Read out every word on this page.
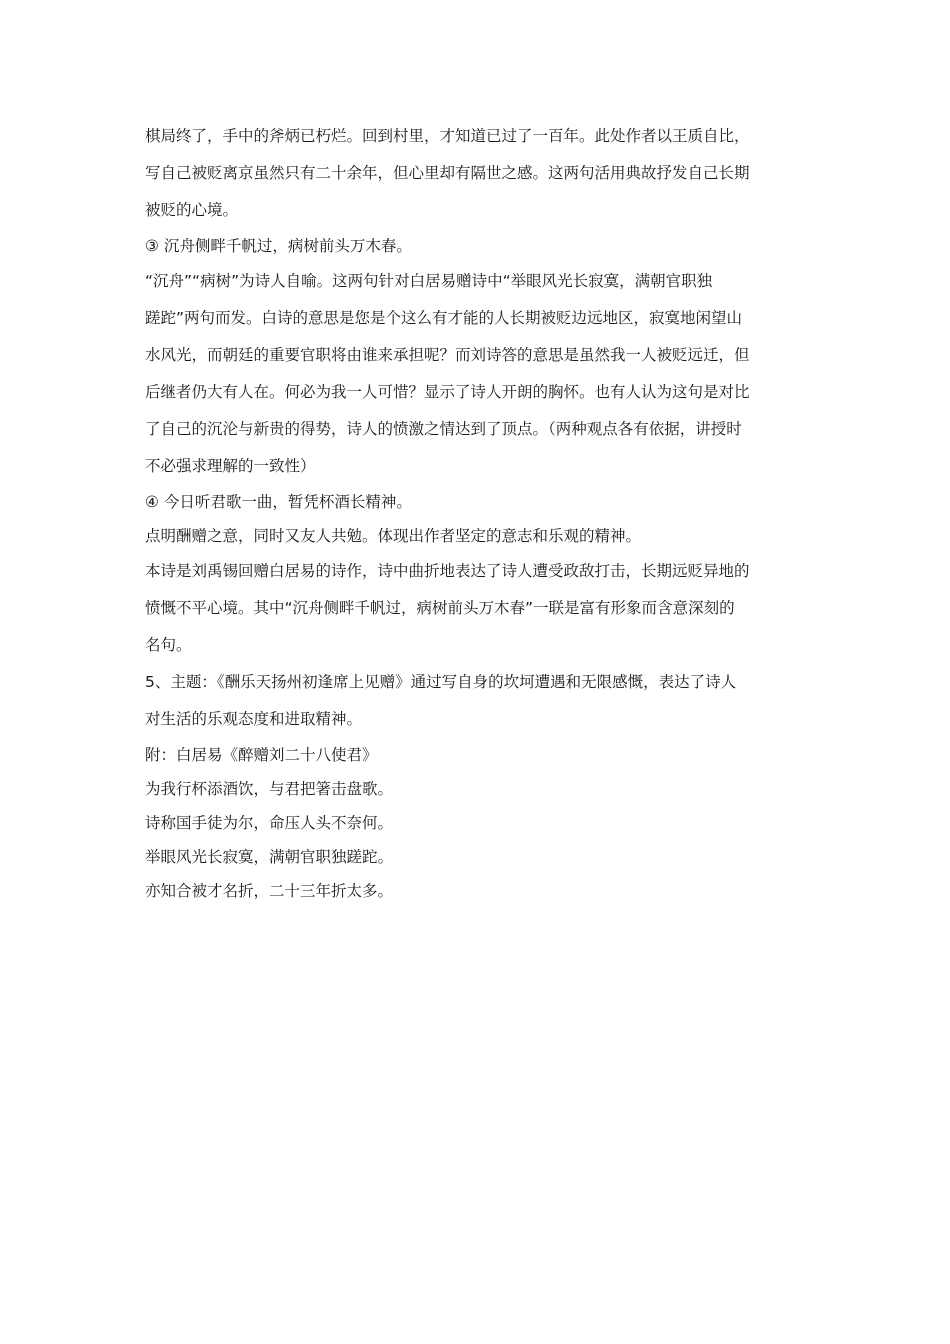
棋局终了，手中的斧炳已朽烂。回到村里，才知道已过了一百年。此处作者以王质自比，
写自己被贬离京虽然只有二十余年，但心里却有隔世之感。这两句活用典故抒发自己长期
被贬的心境。
③ 沉舟侧畔千帆过，病树前头万木春。
“沉舟”“病树”为诗人自喻。这两句针对白居易赠诗中“举眼风光长寂寞，满朝官职独
蹉跎”两句而发。白诗的意思是您是个这么有才能的人长期被贬边远地区，寂寞地闲望山
水风光，而朝廷的重要官职将由谁来承担呢？而刘诗答的意思是虽然我一人被贬远迁，但
后继者仍大有人在。何必为我一人可惜？显示了诗人开朗的胸怀。也有人认为这句是对比
了自己的沉沦与新贵的得势，诗人的愤激之情达到了顶点。（两种观点各有依据，讲授时
不必强求理解的一致性）
④ 今日听君歌一曲，暂凭杯酒长精神。
点明酬赠之意，同时又友人共勉。体现出作者坚定的意志和乐观的精神。
本诗是刘禹锡回赠白居易的诗作，诗中曲折地表达了诗人遭受政敌打击，长期远贬异地的
愤慨不平心境。其中“沉舟侧畔千帆过，病树前头万木春”一联是富有形象而含意深刻的
名句。
5、主题：《酬乐天扬州初逢席上见赠》通过写自身的坎坷遭遇和无限感慨，表达了诗人
对生活的乐观态度和进取精神。
附：白居易《醉赠刘二十八使君》
为我行杯添酒饮，与君把箸击盘歌。
诗称国手徒为尔，命压人头不奈何。
举眼风光长寂寞，满朝官职独蹉跎。
亦知合被才名折，二十三年折太多。
